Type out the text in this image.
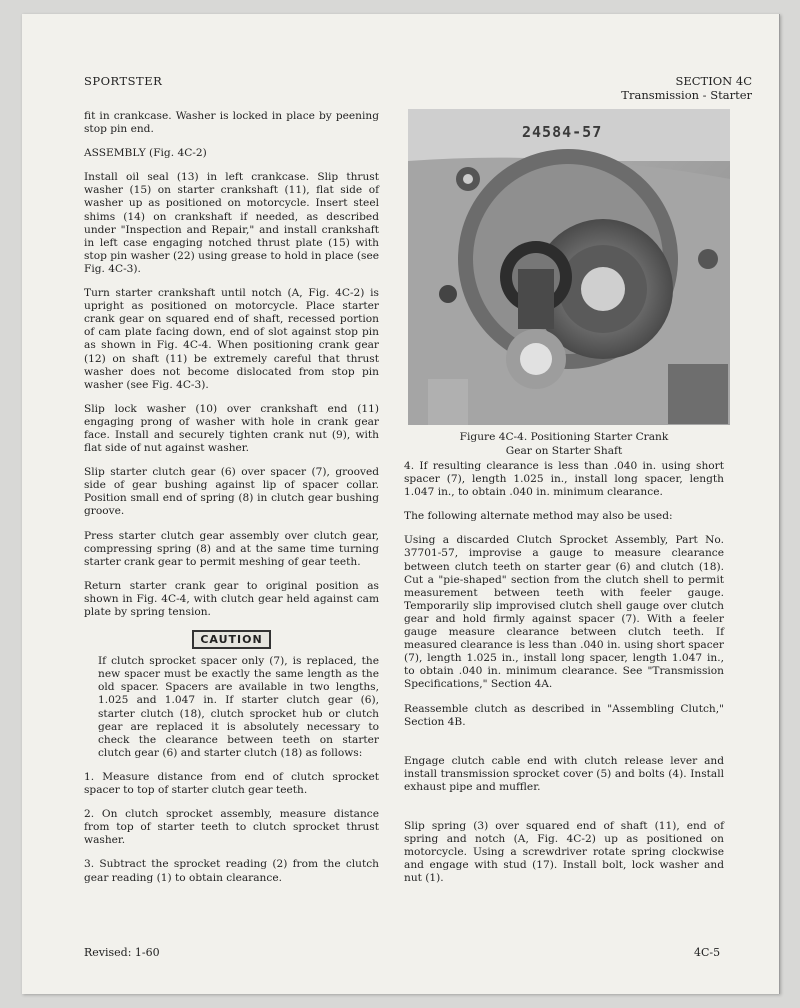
SPORTSTER	SECTION 4C
Transmission - Starter

fit in crankcase. Washer is locked in place by peening stop pin end.

ASSEMBLY (Fig. 4C-2)

Install oil seal (13) in left crankcase. Slip thrust washer (15) on starter crankshaft (11), flat side of washer up as positioned on motorcycle. Insert steel shims (14) on crankshaft if needed, as described under "Inspection and Repair," and install crankshaft in left case engaging notched thrust plate (15) with stop pin washer (22) using grease to hold in place (see Fig. 4C-3).

Turn starter crankshaft until notch (A, Fig. 4C-2) is upright as positioned on motorcycle. Place starter crank gear on squared end of shaft, recessed portion of cam plate facing down, end of slot against stop pin as shown in Fig. 4C-4. When positioning crank gear (12) on shaft (11) be extremely careful that thrust washer does not become dislocated from stop pin washer (see Fig. 4C-3).

Slip lock washer (10) over crankshaft end (11) engaging prong of washer with hole in crank gear face. Install and securely tighten crank nut (9), with flat side of nut against washer.

Slip starter clutch gear (6) over spacer (7), grooved side of gear bushing against lip of spacer collar. Position small end of spring (8) in clutch gear bushing groove.

Press starter clutch gear assembly over clutch gear, compressing spring (8) and at the same time turning starter crank gear to permit meshing of gear teeth.

Return starter crank gear to original position as shown in Fig. 4C-4, with clutch gear held against cam plate by spring tension.

CAUTION

If clutch sprocket spacer only (7), is replaced, the new spacer must be exactly the same length as the old spacer. Spacers are available in two lengths, 1.025 and 1.047 in. If starter clutch gear (6), starter clutch (18), clutch sprocket hub or clutch gear are replaced it is absolutely necessary to check the clearance between teeth on starter clutch gear (6) and starter clutch (18) as follows:

1. Measure distance from end of clutch sprocket spacer to top of starter clutch gear teeth.

2. On clutch sprocket assembly, measure distance from top of starter teeth to clutch sprocket thrust washer.

3. Subtract the sprocket reading (2) from the clutch gear reading (1) to obtain clearance.

24584-57
Figure 4C-4. Positioning Starter Crank
Gear on Starter Shaft

4. If resulting clearance is less than .040 in. using short spacer (7), length 1.025 in., install long spacer, length 1.047 in., to obtain .040 in. minimum clearance.

The following alternate method may also be used:

Using a discarded Clutch Sprocket Assembly, Part No. 37701-57, improvise a gauge to measure clearance between clutch teeth on starter gear (6) and clutch (18). Cut a "pie-shaped" section from the clutch shell to permit measurement between teeth with feeler gauge. Temporarily slip improvised clutch shell gauge over clutch gear and hold firmly against spacer (7). With a feeler gauge measure clearance between clutch teeth. If measured clearance is less than .040 in. using short spacer (7), length 1.025 in., install long spacer, length 1.047 in., to obtain .040 in. minimum clearance. See "Transmission Specifications," Section 4A.

Reassemble clutch as described in "Assembling Clutch," Section 4B.

Engage clutch cable end with clutch release lever and install transmission sprocket cover (5) and bolts (4). Install exhaust pipe and muffler.

Slip spring (3) over squared end of shaft (11), end of spring and notch (A, Fig. 4C-2) up as positioned on motorcycle. Using a screwdriver rotate spring clockwise and engage with stud (17). Install bolt, lock washer and nut (1).

Revised: 1-60	4C-5
